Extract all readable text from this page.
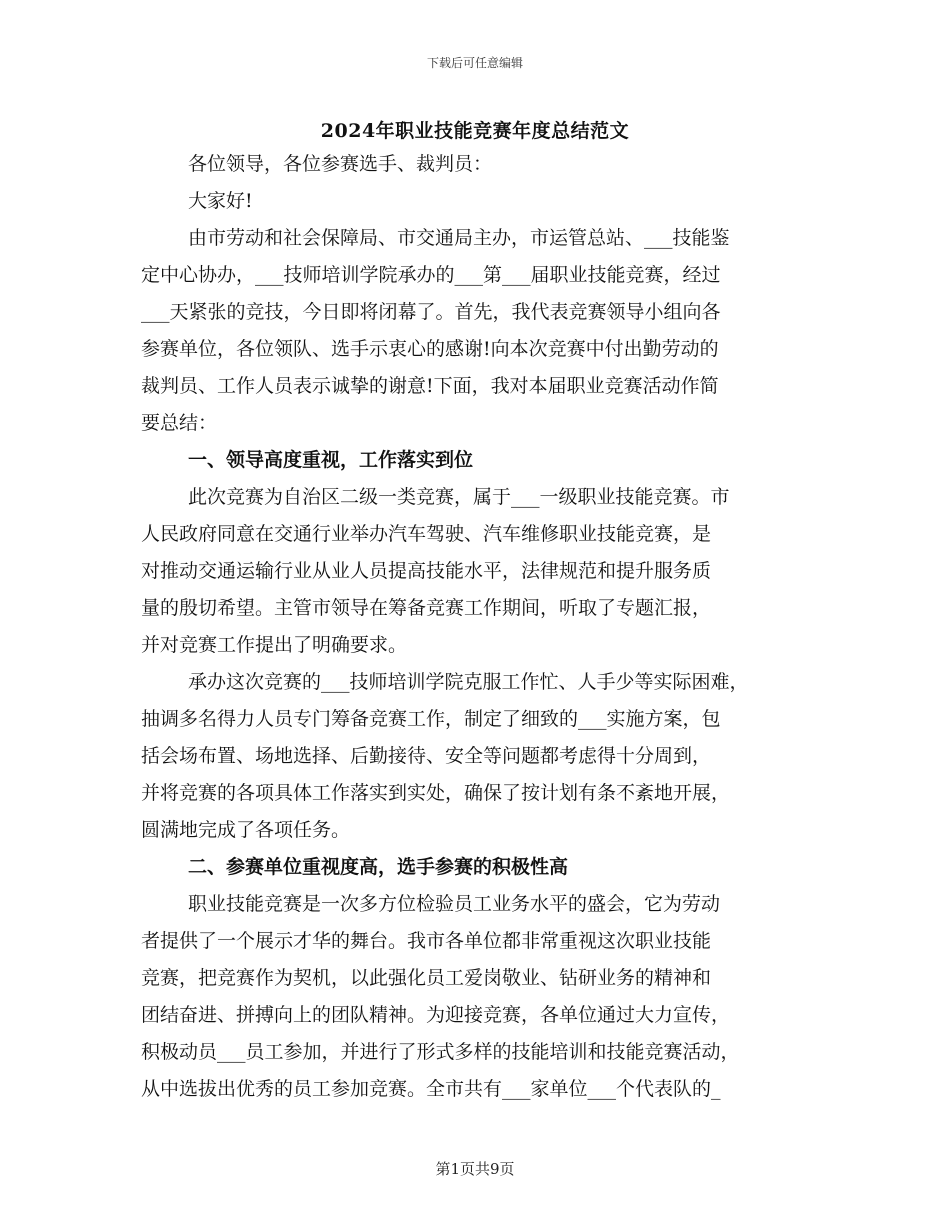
下载后可任意编辑
2024年职业技能竞赛年度总结范文
各位领导，各位参赛选手、裁判员：
大家好!
由市劳动和社会保障局、市交通局主办，市运管总站、___技能鉴
定中心协办，___技师培训学院承办的___第___届职业技能竞赛，经过
___天紧张的竞技，今日即将闭幕了。首先，我代表竞赛领导小组向各
参赛单位，各位领队、选手示衷心的感谢!向本次竞赛中付出勤劳动的
裁判员、工作人员表示诚挚的谢意!下面，我对本届职业竞赛活动作简
要总结：
一、领导高度重视，工作落实到位
此次竞赛为自治区二级一类竞赛，属于___一级职业技能竞赛。市
人民政府同意在交通行业举办汽车驾驶、汽车维修职业技能竞赛，是
对推动交通运输行业从业人员提高技能水平，法律规范和提升服务质
量的殷切希望。主管市领导在筹备竞赛工作期间，听取了专题汇报，
并对竞赛工作提出了明确要求。
承办这次竞赛的___技师培训学院克服工作忙、人手少等实际困难，
抽调多名得力人员专门筹备竞赛工作，制定了细致的___实施方案，包
括会场布置、场地选择、后勤接待、安全等问题都考虑得十分周到，
并将竞赛的各项具体工作落实到实处，确保了按计划有条不紊地开展，
圆满地完成了各项任务。
二、参赛单位重视度高，选手参赛的积极性高
职业技能竞赛是一次多方位检验员工业务水平的盛会，它为劳动
者提供了一个展示才华的舞台。我市各单位都非常重视这次职业技能
竞赛，把竞赛作为契机，以此强化员工爱岗敬业、钻研业务的精神和
团结奋进、拼搏向上的团队精神。为迎接竞赛，各单位通过大力宣传，
积极动员___员工参加，并进行了形式多样的技能培训和技能竞赛活动，
从中选拔出优秀的员工参加竞赛。全市共有___家单位___个代表队的_
第1页共9页
